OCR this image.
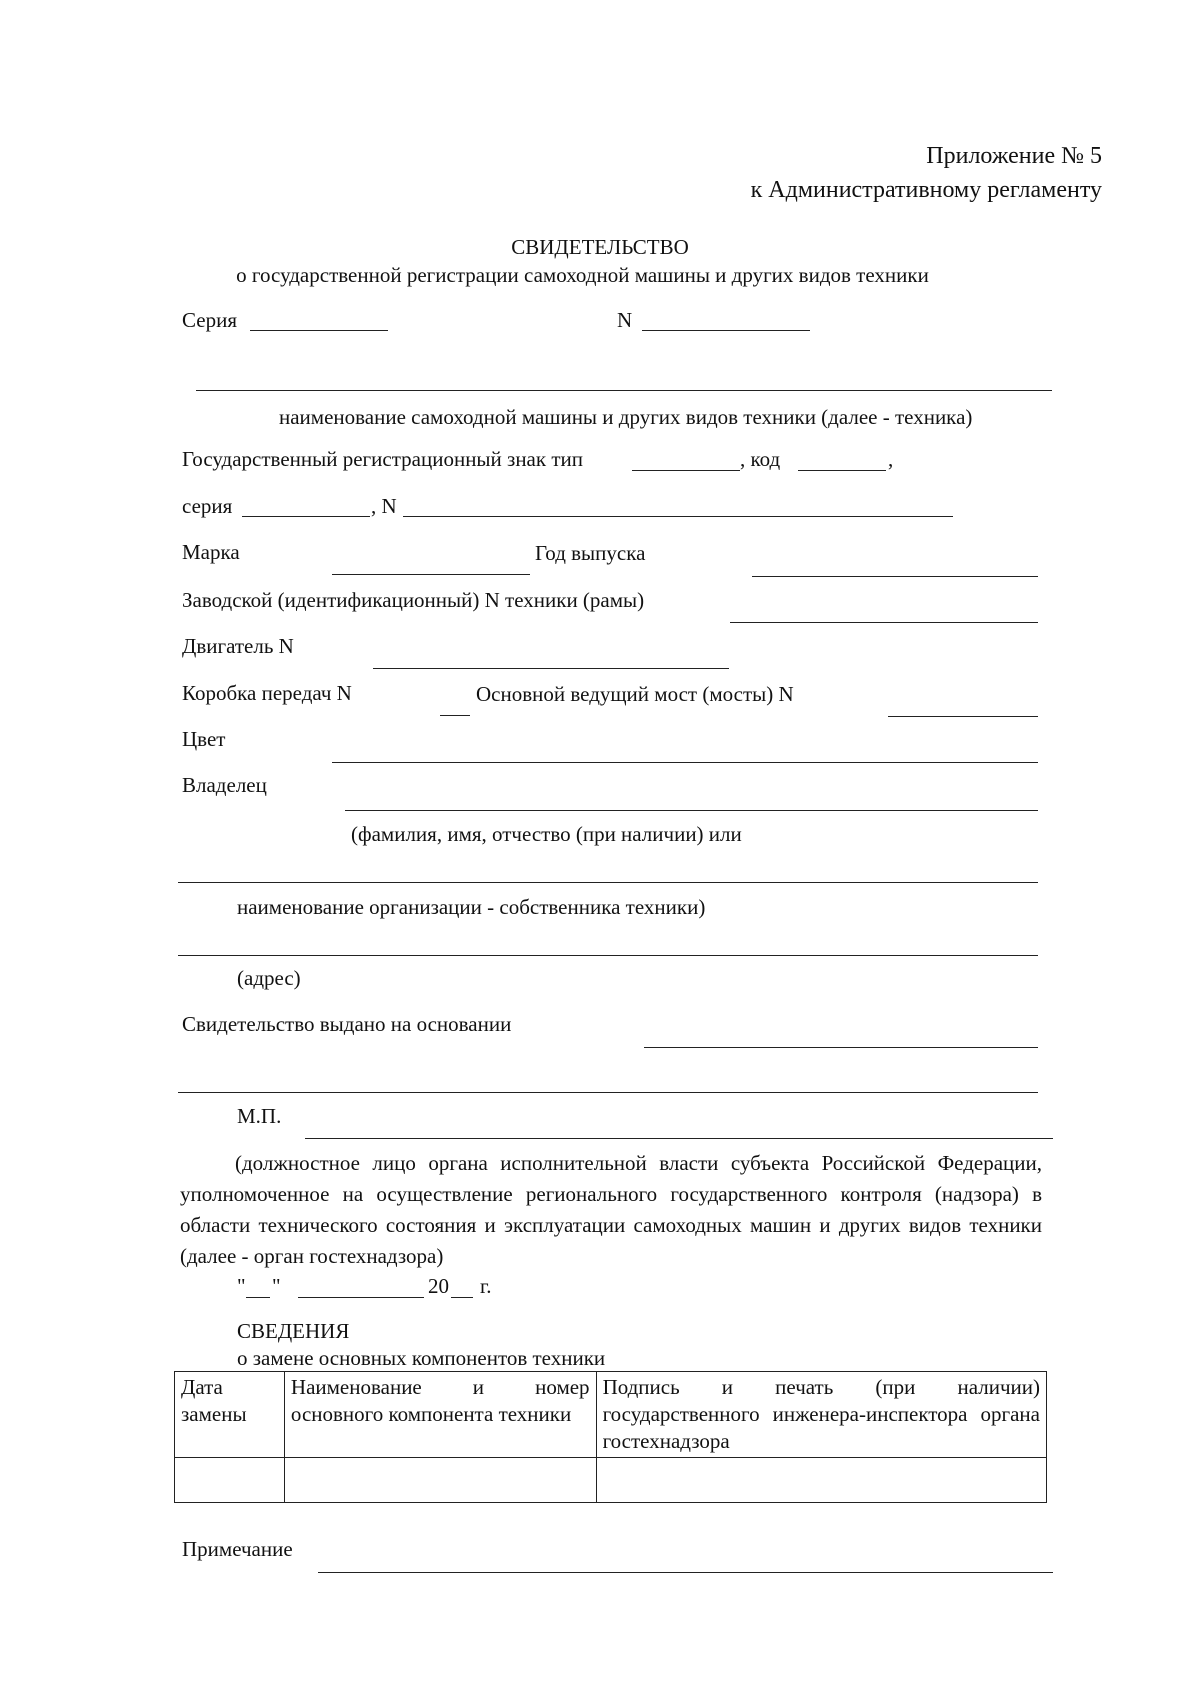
Приложение № 5
к Административному регламенту
СВИДЕТЕЛЬСТВО
о государственной регистрации самоходной машины и других видов техники
Серия	N
наименование самоходной машины и других видов техники (далее - техника)
Государственный регистрационный знак тип	, код	,
серия	, N
Марка	Год выпуска
Заводской (идентификационный) N техники (рамы)
Двигатель N
Коробка передач N	Основной ведущий мост (мосты) N
Цвет
Владелец
(фамилия, имя, отчество (при наличии) или
наименование организации - собственника техники)
(адрес)
Свидетельство выдано на основании
М.П.
(должностное лицо органа исполнительной власти субъекта Российской Федерации, уполномоченное на осуществление регионального государственного контроля (надзора) в области технического состояния и эксплуатации самоходных машин и других видов техники (далее - орган гостехнадзора)
" "	20 г.
СВЕДЕНИЯ
о замене основных компонентов техники
Дата замены	Наименование и номер основного компонента техники	Подпись и печать (при наличии) государственного инженера-инспектора органа гостехнадзора

Примечание
